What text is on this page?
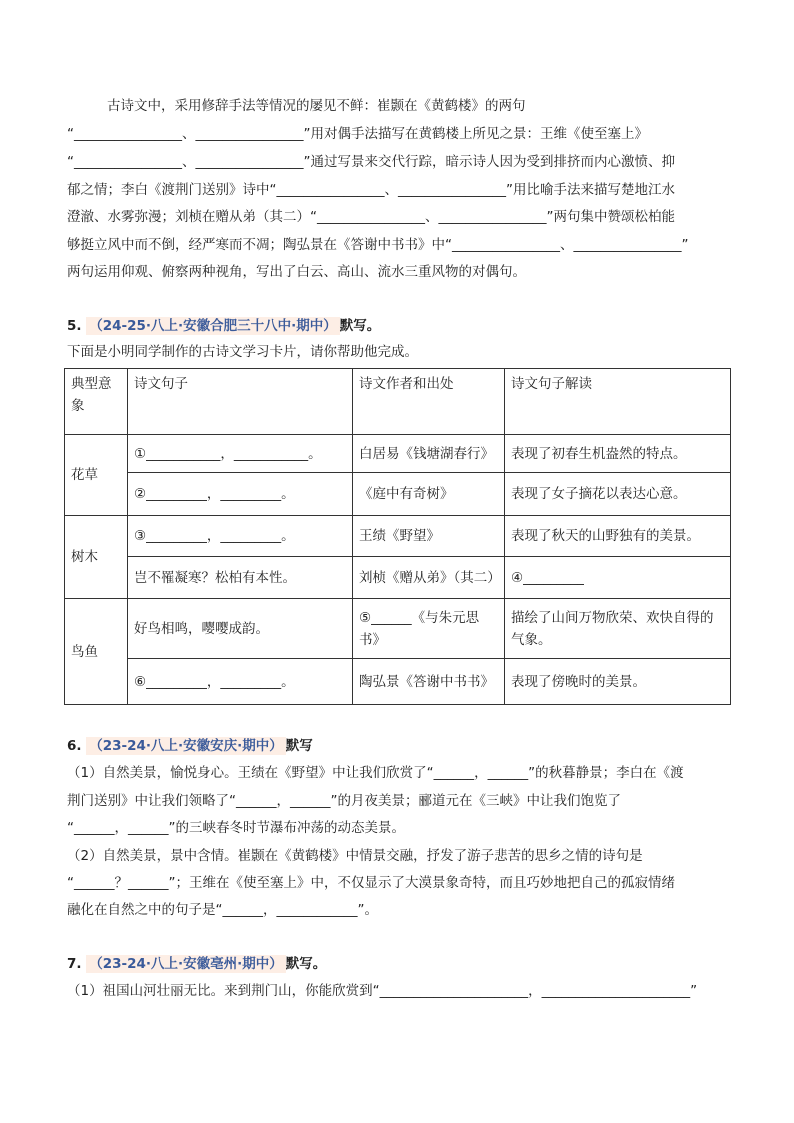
古诗文中，采用修辞手法等情况的屡见不鲜：崔颢在《黄鹤楼》的两句
“________________、________________”用对偶手法描写在黄鹤楼上所见之景：王维《使至塞上》
“________________、________________”通过写景来交代行踪，暗示诗人因为受到排挤而内心激愤、抑
郁之情；李白《渡荆门送别》诗中“________________、________________”用比喻手法来描写楚地江水
澄澈、水雾弥漫；刘桢在赠从弟（其二）“________________、________________”两句集中赞颂松柏能
够挺立风中而不倒，经严寒而不凋；陶弘景在《答谢中书书》中“________________、________________”
两句运用仰观、俯察两种视角，写出了白云、高山、流水三重风物的对偶句。
5. （24-25·八上·安徽合肥三十八中·期中） 默写。
下面是小明同学制作的古诗文学习卡片，请你帮助他完成。
典型意象	诗文句子	诗文作者和出处	诗文句子解读
花草	①___________，___________。	白居易《钱塘湖春行》	表现了初春生机盎然的特点。
	②_________，_________。	《庭中有奇树》	表现了女子摘花以表达心意。
树木	③_________，_________。	王绩《野望》	表现了秋天的山野独有的美景。
	岂不罹凝寒？松柏有本性。	刘桢《赠从弟》（其二）	④_________
鸟鱼	好鸟相鸣，嘤嘤成韵。	⑤______《与朱元思书》	描绘了山间万物欣荣、欢快自得的气象。
	⑥_________，_________。	陶弘景《答谢中书书》	表现了傍晚时的美景。
6. （23-24·八上·安徽安庆·期中） 默写
（1）自然美景，愉悦身心。王绩在《野望》中让我们欣赏了“______，______”的秋暮静景；李白在《渡
荆门送别》中让我们领略了“______，______”的月夜美景；郦道元在《三峡》中让我们饱览了
“______，______”的三峡春冬时节瀑布冲荡的动态美景。
（2）自然美景，景中含情。崔颢在《黄鹤楼》中情景交融，抒发了游子悲苦的思乡之情的诗句是
“______？______”；王维在《使至塞上》中，不仅显示了大漠景象奇特，而且巧妙地把自己的孤寂情绪
融化在自然之中的句子是“______，____________”。
7. （23-24·八上·安徽亳州·期中） 默写。
（1）祖国山河壮丽无比。来到荆门山，你能欣赏到“______________________，______________________”
